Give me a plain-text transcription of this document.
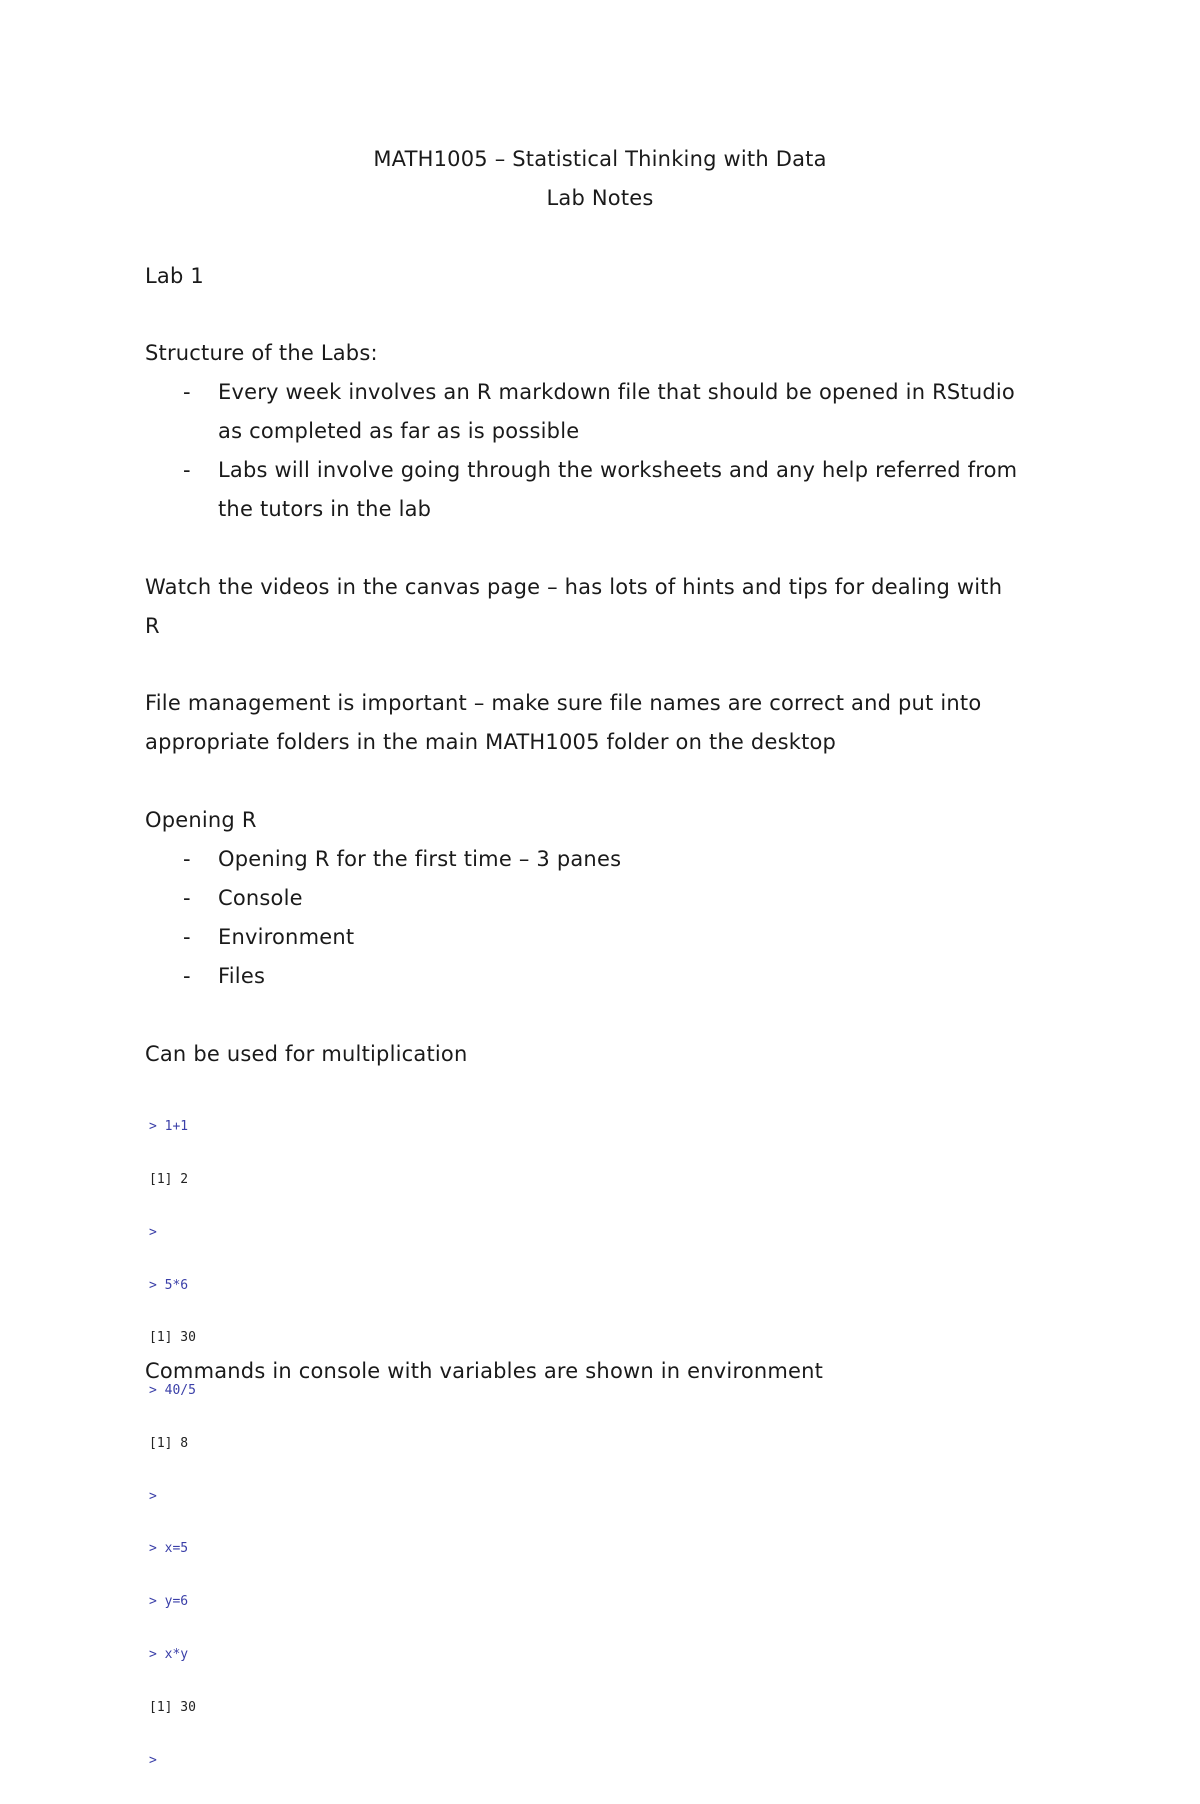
MATH1005 – Statistical Thinking with Data
Lab Notes
Lab 1
Structure of the Labs:
- Every week involves an R markdown file that should be opened in RStudio
as completed as far as is possible
- Labs will involve going through the worksheets and any help referred from
the tutors in the lab
Watch the videos in the canvas page – has lots of hints and tips for dealing with
R
File management is important – make sure file names are correct and put into
appropriate folders in the main MATH1005 folder on the desktop
Opening R
- Opening R for the first time – 3 panes
- Console
- Environment
- Files
Can be used for multiplication

> 1+1

[1] 2

>

> 5*6

[1] 30

> 40/5

[1] 8

>

> x=5

> y=6

> x*y

[1] 30

>

Commands in console with variables are shown in environment
